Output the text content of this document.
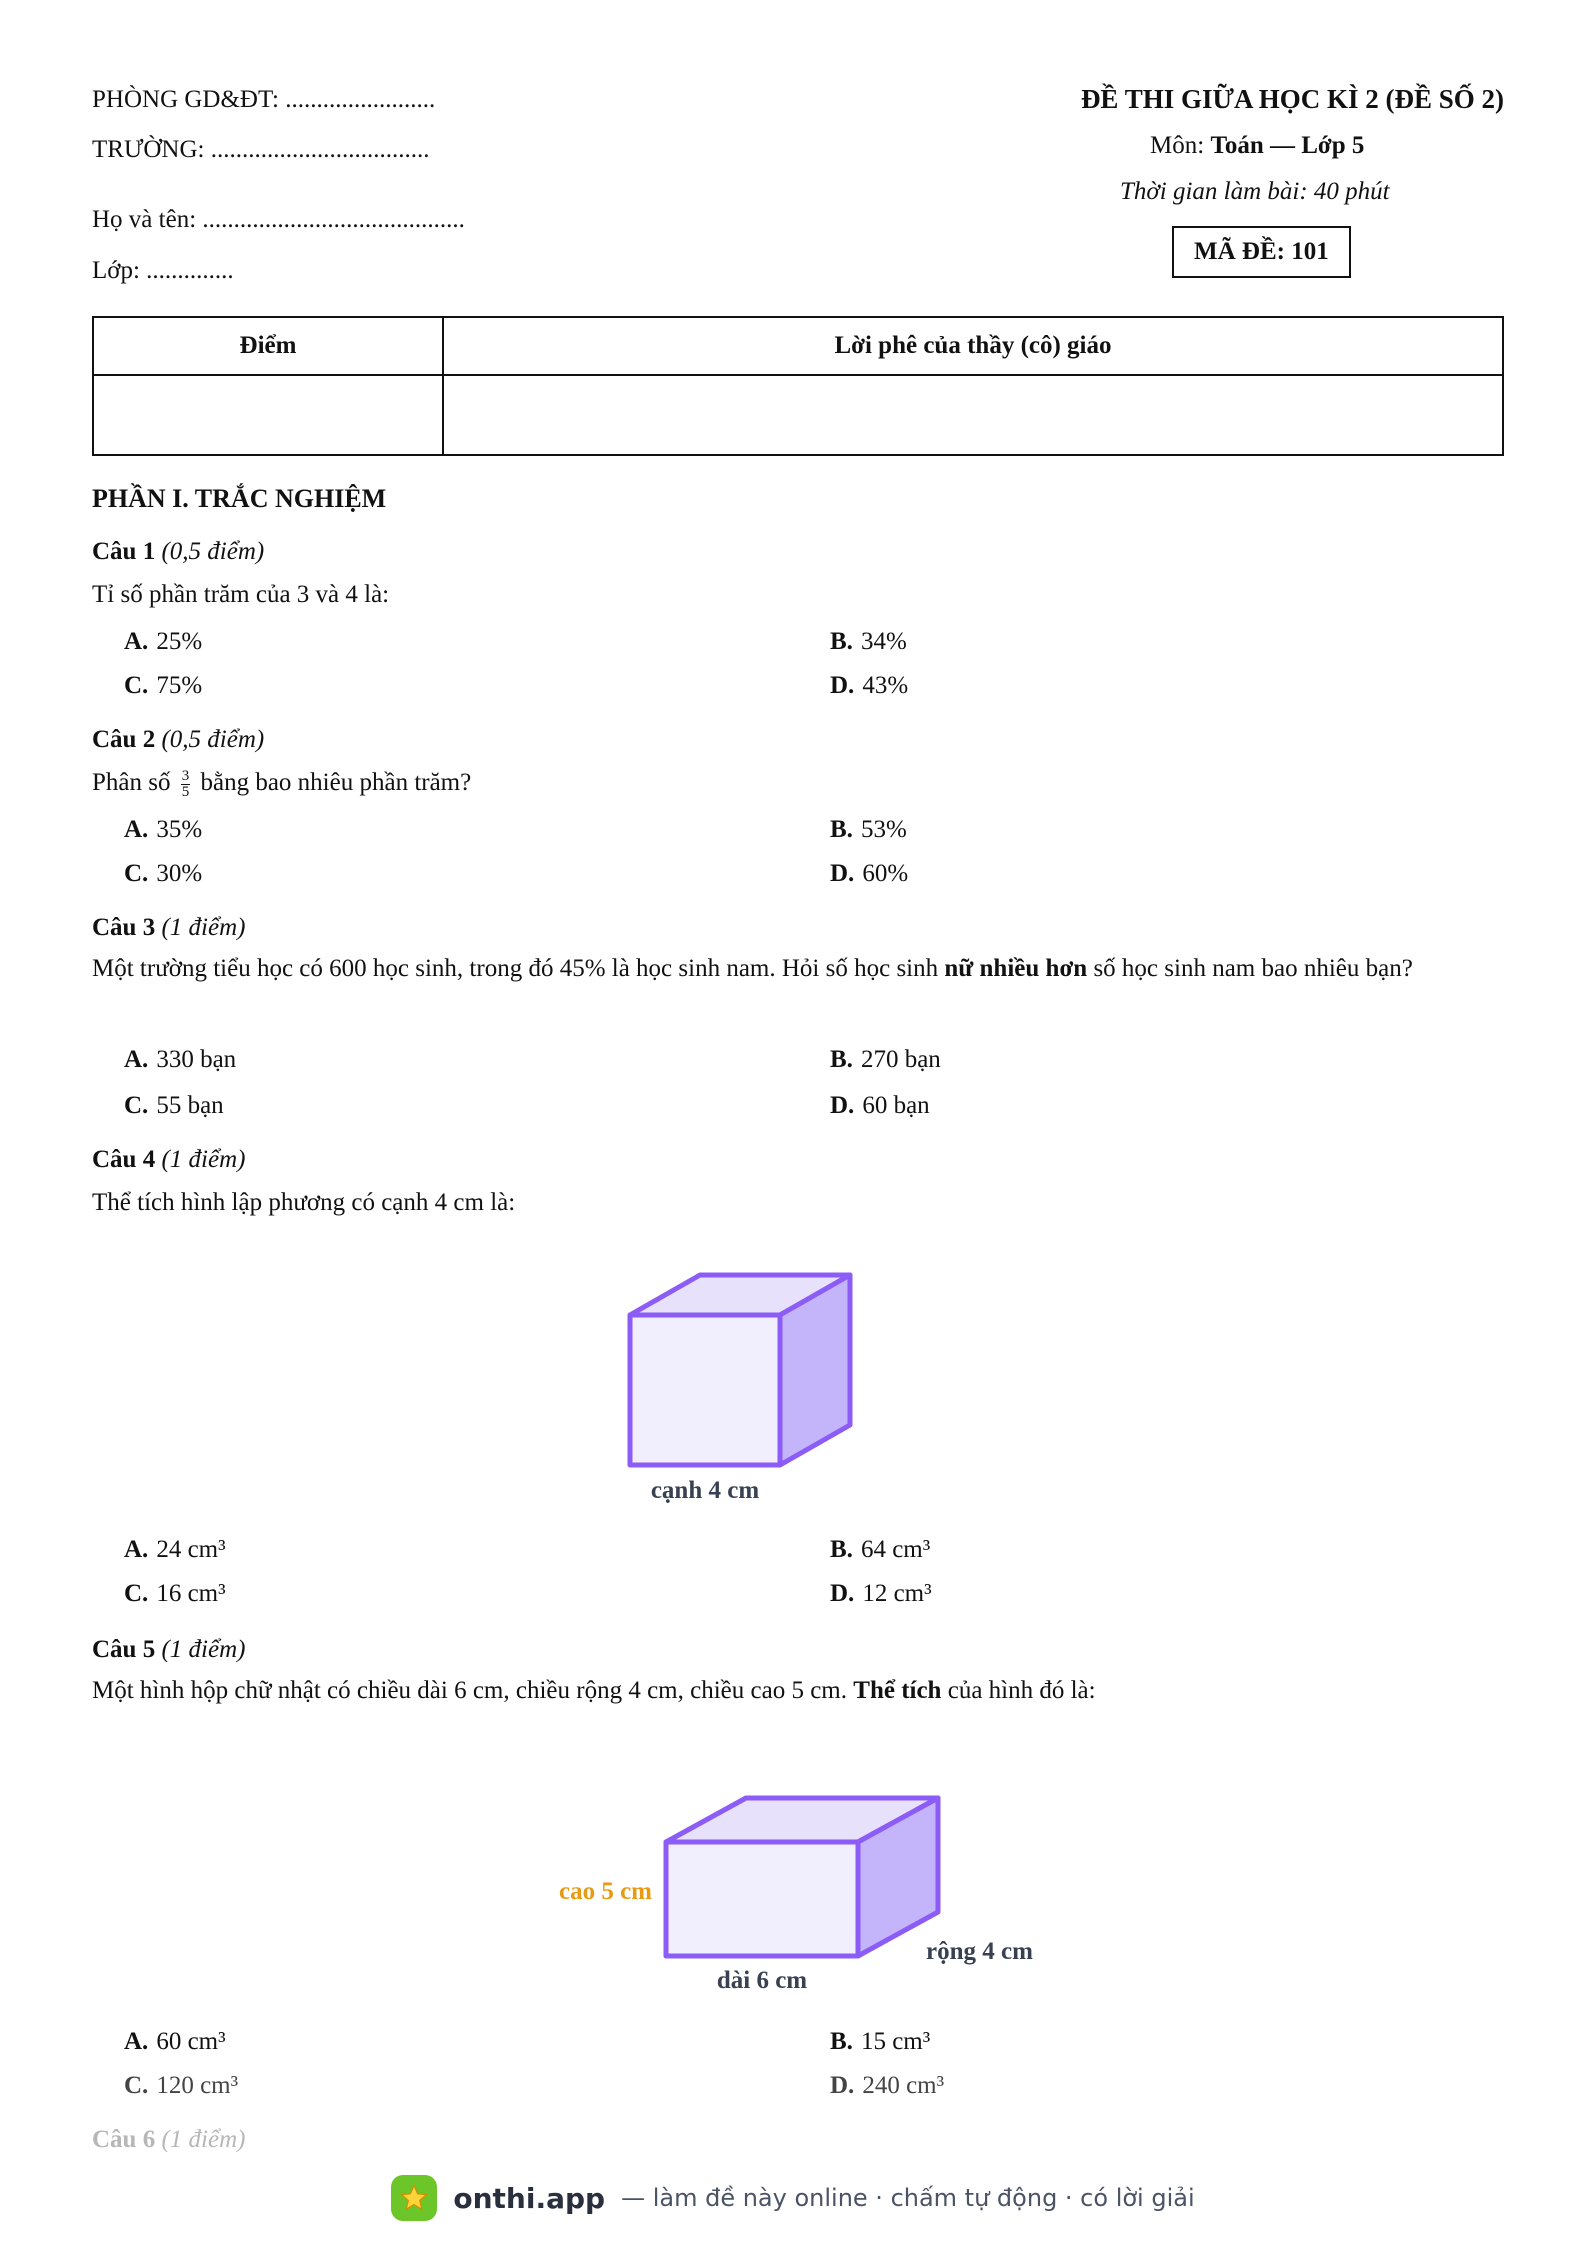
PHÒNG GD&ĐT: ........................
TRƯỜNG: ...................................
Họ và tên: ..........................................
Lớp: ..............
ĐỀ THI GIỮA HỌC KÌ 2 (ĐỀ SỐ 2)
Môn: Toán — Lớp 5
Thời gian làm bài: 40 phút
MÃ ĐỀ: 101
Điểm	Lời phê của thầy (cô) giáo

PHẦN I. TRẮC NGHIỆM
Câu 1 (0,5 điểm)
Tỉ số phần trăm của 3 và 4 là:
A. 25%	B. 34%
C. 75%	D. 43%
Câu 2 (0,5 điểm)
Phân số $\frac{3}{5}$ bằng bao nhiêu phần trăm?
A. 35%	B. 53%
C. 30%	D. 60%
Câu 3 (1 điểm)
Một trường tiểu học có 600 học sinh, trong đó 45% là học sinh nam. Hỏi số học sinh nữ nhiều hơn số học sinh nam bao nhiêu bạn?
A. 330 bạn	B. 270 bạn
C. 55 bạn	D. 60 bạn
Câu 4 (1 điểm)
Thể tích hình lập phương có cạnh 4 cm là:
cạnh 4 cm
A. 24 cm³	B. 64 cm³
C. 16 cm³	D. 12 cm³
Câu 5 (1 điểm)
Một hình hộp chữ nhật có chiều dài 6 cm, chiều rộng 4 cm, chiều cao 5 cm. Thể tích của hình đó là:
cao 5 cm
dài 6 cm
rộng 4 cm
A. 60 cm³	B. 15 cm³
C. 120 cm³	D. 240 cm³
Câu 6 (1 điểm)
onthi.app — làm đề này online · chấm tự động · có lời giải
